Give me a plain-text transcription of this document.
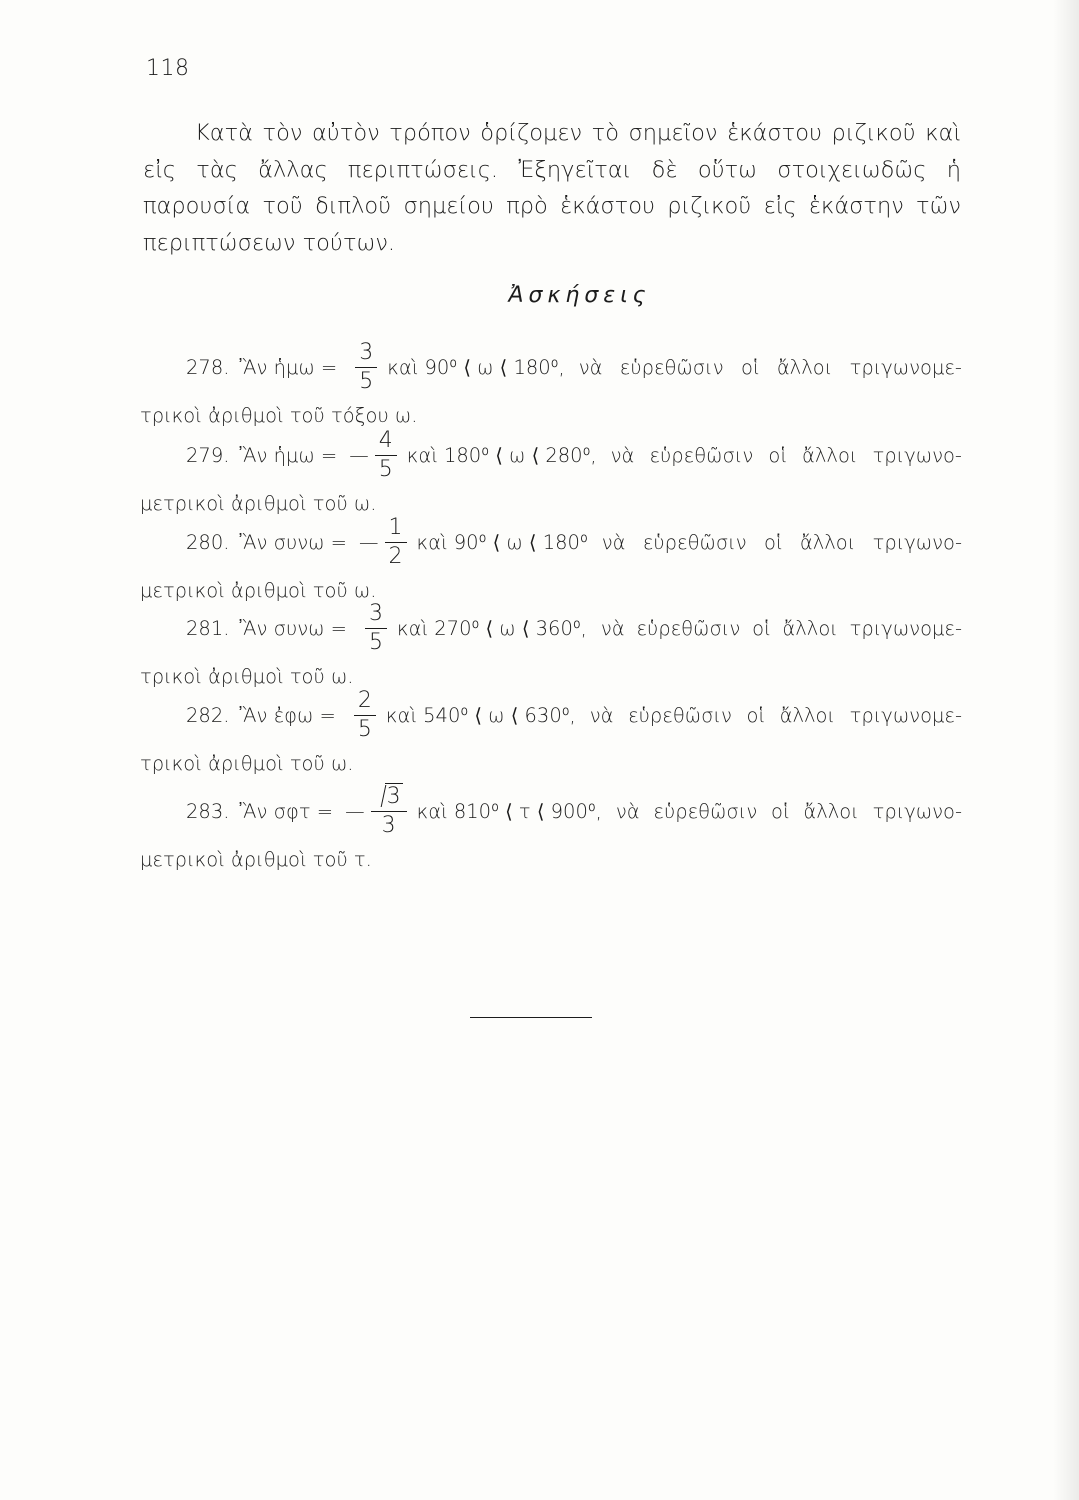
118

Κατὰ τὸν αὐτὸν τρόπον ὁρίζομεν τὸ σημεῖον ἑκάστου ριζικοῦ καὶ εἰς τὰς ἄλλας περιπτώσεις. Ἐξηγεῖται δὲ οὕτω στοιχειωδῶς ἡ παρουσία τοῦ διπλοῦ σημείου πρὸ ἑκάστου ριζικοῦ εἰς ἑκάστην τῶν περιπτώσεων τούτων.

Ἀσκήσεις
278. Ἂν ἡμω = $\frac{3}{5}$ καὶ 90⁰ ⟨ ω ⟨ 180⁰, νὰ εὑρεθῶσιν οἱ ἄλλοι τριγωνομε-
τρικοὶ ἀριθμοὶ τοῦ τόξου ω.
279. Ἂν ἡμω = — $\frac{4}{5}$ καὶ 180⁰ ⟨ ω ⟨ 280⁰, νὰ εὑρεθῶσιν οἱ ἄλλοι τριγωνο-
μετρικοὶ ἀριθμοὶ τοῦ ω.
280. Ἂν συνω = — $\frac{1}{2}$ καὶ 90⁰ ⟨ ω ⟨ 180⁰ νὰ εὑρεθῶσιν οἱ ἄλλοι τριγωνο-
μετρικοὶ ἀριθμοὶ τοῦ ω.
281. Ἂν $\sigma\upsilon\nu\omega = \frac{3}{5}$ καὶ 270⁰ ⟨ ω ⟨ 360⁰, νὰ εὑρεθῶσιν οἱ ἄλλοι τριγωνομε-
τρικοὶ ἀριθμοὶ τοῦ ω.
282. Ἂν ἐφω = $\frac{2}{5}$ καὶ 540⁰ ⟨ ω ⟨ 630⁰, νὰ εὑρεθῶσιν οἱ ἄλλοι τριγωνομε-
τρικοὶ ἀριθμοὶ τοῦ ω.
283. Ἂν σφτ = — $\frac{3}{3}$ καὶ 810⁰ ⟨ τ ⟨ 900⁰, νὰ εὑρεθῶσιν οἱ ἄλλοι τριγωνο-
μετρικοὶ ἀριθμοὶ τοῦ τ.
